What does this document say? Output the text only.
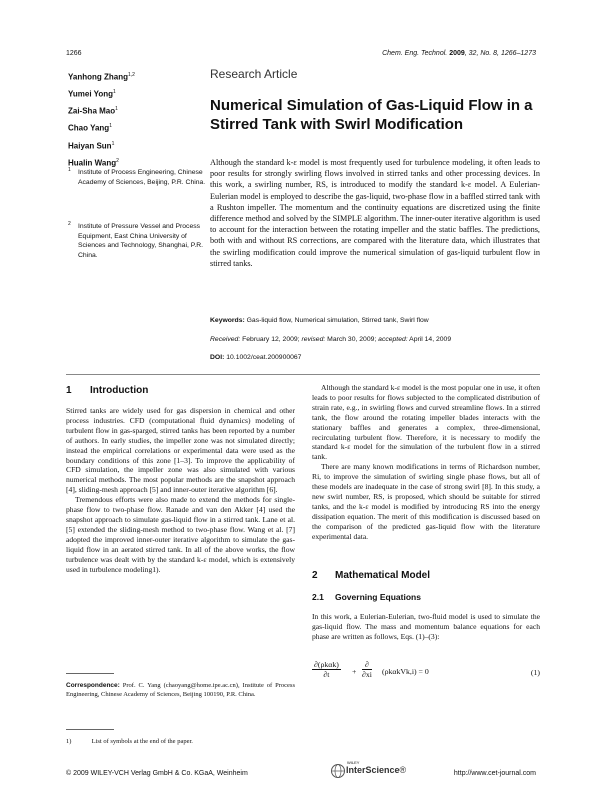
1266	Chem. Eng. Technol. 2009, 32, No. 8, 1266–1273
Yanhong Zhang$^{1,2}$
Yumei Yong$^1$
Zai-Sha Mao$^1$
Chao Yang$^1$
Haiyan Sun$^1$
Hualin Wang$^2$
1 Institute of Process Engineering, Chinese Academy of Sciences, Beijing, P.R. China.
2 Institute of Pressure Vessel and Process Equipment, East China University of Sciences and Technology, Shanghai, P.R. China.
Research Article
Numerical Simulation of Gas-Liquid Flow in a Stirred Tank with Swirl Modification
Although the standard k-ε model is most frequently used for turbulence modeling, it often leads to poor results for strongly swirling flows involved in stirred tanks and other processing devices. In this work, a swirling number, RS, is introduced to modify the standard k-ε model. A Eulerian-Eulerian model is employed to describe the gas-liquid, two-phase flow in a baffled stirred tank with a Rushton impeller. The momentum and the continuity equations are discretized using the finite difference method and solved by the SIMPLE algorithm. The inner-outer iterative algorithm is used to account for the interaction between the rotating impeller and the static baffles. The predictions, both with and without RS corrections, are compared with the literature data, which illustrates that the swirling modification could improve the numerical simulation of gas-liquid turbulent flow in stirred tanks.
Keywords: Gas-liquid flow, Numerical simulation, Stirred tank, Swirl flow
Received: February 12, 2009; revised: March 30, 2009; accepted: April 14, 2009
DOI: 10.1002/ceat.200900067
1 Introduction

Stirred tanks are widely used for gas dispersion in chemical and other process industries. CFD (computational fluid dynamics) modeling of turbulent flow in gas-sparged, stirred tanks has been reported by a number of authors. In early studies, the impeller zone was not simulated directly; instead the empirical correlations or experimental data were used as the boundary conditions of this zone [1–3]. To improve the applicability of CFD simulation, the impeller zone was also simulated with various numerical methods. The most popular methods are the snapshot approach [4], sliding-mesh approach [5] and inner-outer iterative algorithm [6].

Tremendous efforts were also made to extend the methods for single-phase flow to two-phase flow. Ranade and van den Akker [4] used the snapshot approach to simulate gas-liquid flow in a stirred tank. Lane et al. [5] extended the sliding-mesh method to two-phase flow. Wang et al. [7] adopted the improved inner-outer iterative algorithm to simulate the gas-liquid flow in an aerated stirred tank. In all of the above works, the flow turbulence was dealt with by the standard k-ε model, which is extensively used in turbulence modeling1).

Although the standard k-ε model is the most popular one in use, it often leads to poor results for flows subjected to the complicated distribution of strain rate, e.g., in swirling flows and curved streamline flows. In a stirred tank, the flow around the rotating impeller blades interacts with the stationary baffles and generates a complex, three-dimensional, recirculating turbulent flow. Therefore, it is necessary to modify the standard k-ε model for the simulation of the turbulent flow in a stirred tank.

There are many known modifications in terms of Richardson number, Ri, to improve the simulation of swirling single phase flows, but all of these models are inadequate in the case of strong swirl [8]. In this study, a new swirl number, RS, is proposed, which should be suitable for stirred tanks, and the k-ε model is modified by introducing RS into the energy dissipation equation. The merit of this modification is discussed based on the comparison of the predicted gas-liquid flow with the literature experimental data.

2 Mathematical Model
2.1 Governing Equations

In this work, a Eulerian-Eulerian, two-fluid model is used to simulate the gas-liquid flow. The mass and momentum balance equations for each phase are written as follows, Eqs. (1)–(3):

∂(ρkαk)
∂t	+
∂
∂xi (ρkαkVk,i) = 0	(1)
Correspondence: Prof. C. Yang (chaoyang@home.ipe.ac.cn), Institute of Process Engineering, Chinese Academy of Sciences, Beijing 100190, P.R. China.
1)	List of symbols at the end of the paper.
© 2009 WILEY-VCH Verlag GmbH & Co. KGaA, Weinheim
WILEY
InterScience®	http://www.cet-journal.com
